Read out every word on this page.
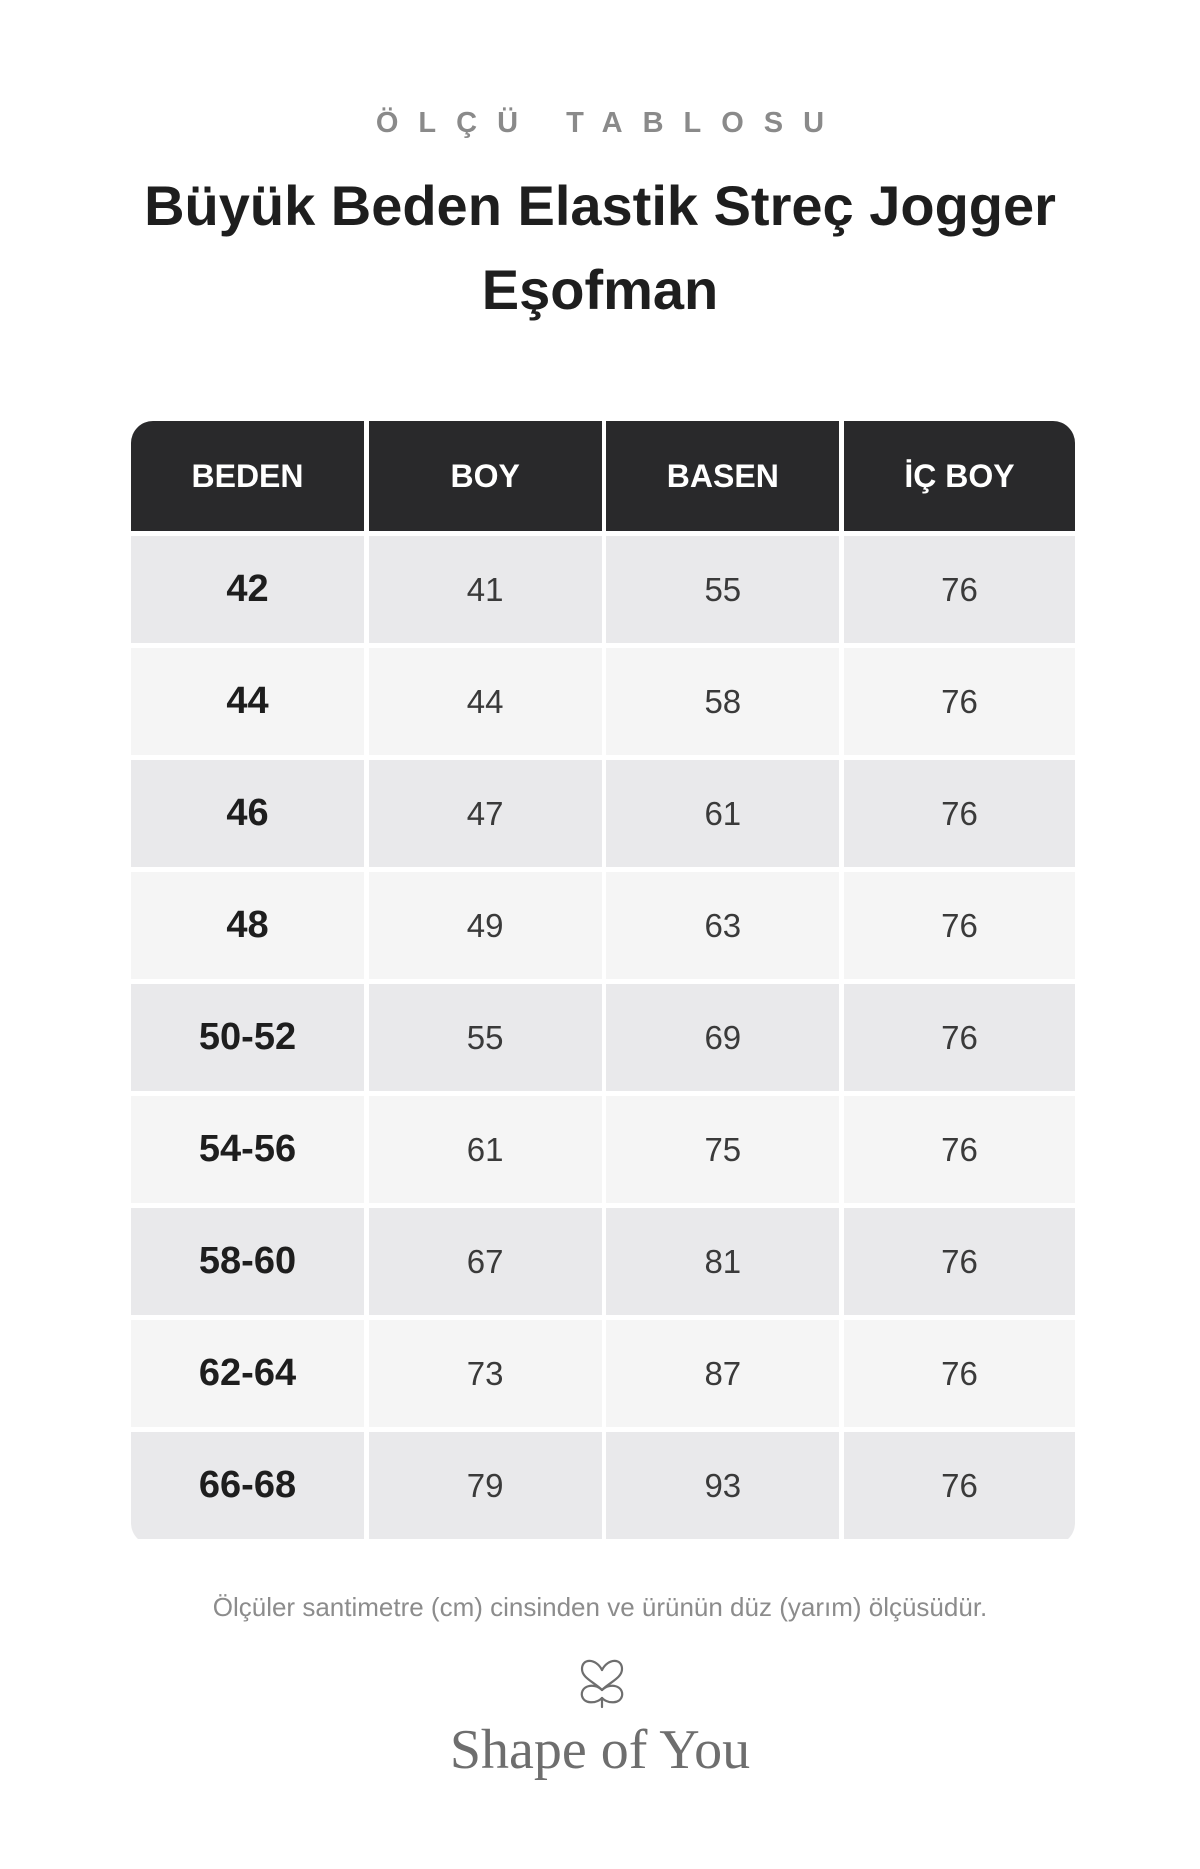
ÖLÇÜ TABLOSU
Büyük Beden Elastik Streç Jogger Eşofman
BEDEN	BOY	BASEN	İÇ BOY
42	41	55	76
44	44	58	76
46	47	61	76
48	49	63	76
50-52	55	69	76
54-56	61	75	76
58-60	67	81	76
62-64	73	87	76
66-68	79	93	76
Ölçüler santimetre (cm) cinsinden ve ürünün düz (yarım) ölçüsüdür.
Shape of You
